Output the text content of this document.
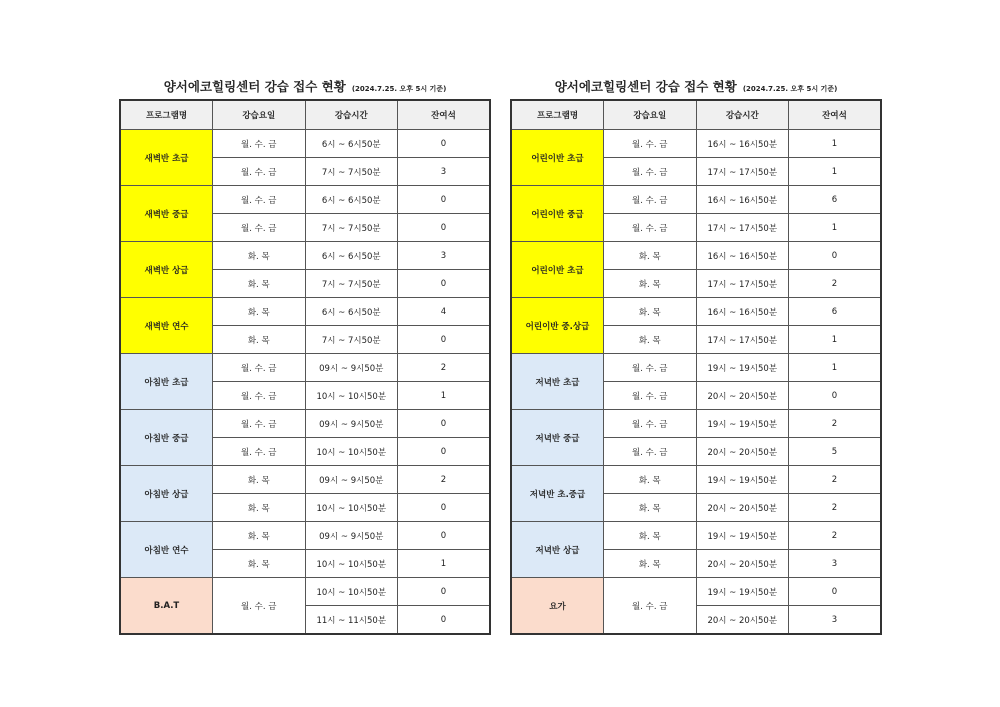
양서에코힐링센터 강습 접수 현황 (2024.7.25. 오후 5시 기준)
프로그램명	강습요일	강습시간	잔여석
새벽반 초급	월. 수. 금	6시 ~ 6시50분	0
	월. 수. 금	7시 ~ 7시50분	3
새벽반 중급	월. 수. 금	6시 ~ 6시50분	0
	월. 수. 금	7시 ~ 7시50분	0
새벽반 상급	화. 목	6시 ~ 6시50분	3
	화. 목	7시 ~ 7시50분	0
새벽반 연수	화. 목	6시 ~ 6시50분	4
	화. 목	7시 ~ 7시50분	0
아침반 초급	월. 수. 금	09시 ~ 9시50분	2
	월. 수. 금	10시 ~ 10시50분	1
아침반 중급	월. 수. 금	09시 ~ 9시50분	0
	월. 수. 금	10시 ~ 10시50분	0
아침반 상급	화. 목	09시 ~ 9시50분	2
	화. 목	10시 ~ 10시50분	0
아침반 연수	화. 목	09시 ~ 9시50분	0
	화. 목	10시 ~ 10시50분	1
B.A.T	월. 수. 금	10시 ~ 10시50분	0
		11시 ~ 11시50분	0
양서에코힐링센터 강습 접수 현황 (2024.7.25. 오후 5시 기준)
프로그램명	강습요일	강습시간	잔여석
어린이반 초급	월. 수. 금	16시 ~ 16시50분	1
	월. 수. 금	17시 ~ 17시50분	1
어린이반 중급	월. 수. 금	16시 ~ 16시50분	6
	월. 수. 금	17시 ~ 17시50분	1
어린이반 초급	화. 목	16시 ~ 16시50분	0
	화. 목	17시 ~ 17시50분	2
어린이반 중.상급	화. 목	16시 ~ 16시50분	6
	화. 목	17시 ~ 17시50분	1
저녁반 초급	월. 수. 금	19시 ~ 19시50분	1
	월. 수. 금	20시 ~ 20시50분	0
저녁반 중급	월. 수. 금	19시 ~ 19시50분	2
	월. 수. 금	20시 ~ 20시50분	5
저녁반 초.중급	화. 목	19시 ~ 19시50분	2
	화. 목	20시 ~ 20시50분	2
저녁반 상급	화. 목	19시 ~ 19시50분	2
	화. 목	20시 ~ 20시50분	3
요가	월. 수. 금	19시 ~ 19시50분	0
		20시 ~ 20시50분	3
